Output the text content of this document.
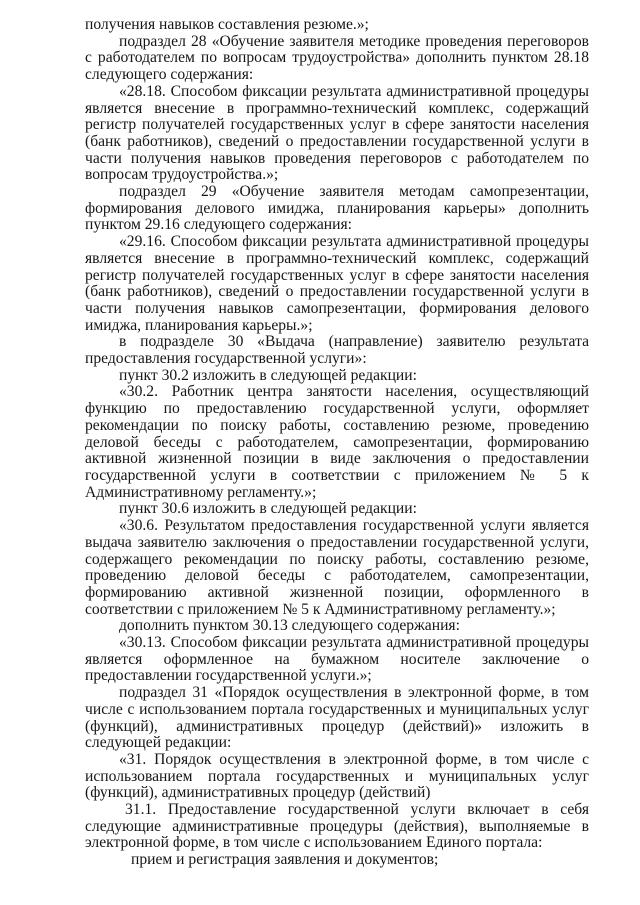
получения навыков составления резюме.»;

подраздел 28 «Обучение заявителя методике проведения переговоров с работодателем по вопросам трудоустройства» дополнить пунктом 28.18 следующего содержания:

«28.18. Способом фиксации результата административной процедуры является внесение в программно-технический комплекс, содержащий регистр получателей государственных услуг в сфере занятости населения (банк работников), сведений о предоставлении государственной услуги в части получения навыков проведения переговоров с работодателем по вопросам трудоустройства.»;

подраздел 29 «Обучение заявителя методам самопрезентации, формирования делового имиджа, планирования карьеры» дополнить пунктом 29.16 следующего содержания:

«29.16. Способом фиксации результата административной процедуры является внесение в программно-технический комплекс, содержащий регистр получателей государственных услуг в сфере занятости населения (банк работников), сведений о предоставлении государственной услуги в части получения навыков самопрезентации, формирования делового имиджа, планирования карьеры.»;

в подразделе 30 «Выдача (направление) заявителю результата предоставления государственной услуги»:

пункт 30.2 изложить в следующей редакции:

«30.2. Работник центра занятости населения, осуществляющий функцию по предоставлению государственной услуги, оформляет рекомендации по поиску работы, составлению резюме, проведению деловой беседы с работодателем, самопрезентации, формированию активной жизненной позиции в виде заключения о предоставлении государственной услуги в соответствии с приложением № 5 к Административному регламенту.»;

пункт 30.6 изложить в следующей редакции:

«30.6. Результатом предоставления государственной услуги является выдача заявителю заключения о предоставлении государственной услуги, содержащего рекомендации по поиску работы, составлению резюме, проведению деловой беседы с работодателем, самопрезентации, формированию активной жизненной позиции, оформленного в соответствии с приложением № 5 к Административному регламенту.»;

дополнить пунктом 30.13 следующего содержания:

«30.13. Способом фиксации результата административной процедуры является оформленное на бумажном носителе заключение о предоставлении государственной услуги.»;

подраздел 31 «Порядок осуществления в электронной форме, в том числе с использованием портала государственных и муниципальных услуг (функций), административных процедур (действий)» изложить в следующей редакции:

«31. Порядок осуществления в электронной форме, в том числе с использованием портала государственных и муниципальных услуг (функций), административных процедур (действий)

31.1. Предоставление государственной услуги включает в себя следующие административные процедуры (действия), выполняемые в электронной форме, в том числе с использованием Единого портала:

прием и регистрация заявления и документов;
